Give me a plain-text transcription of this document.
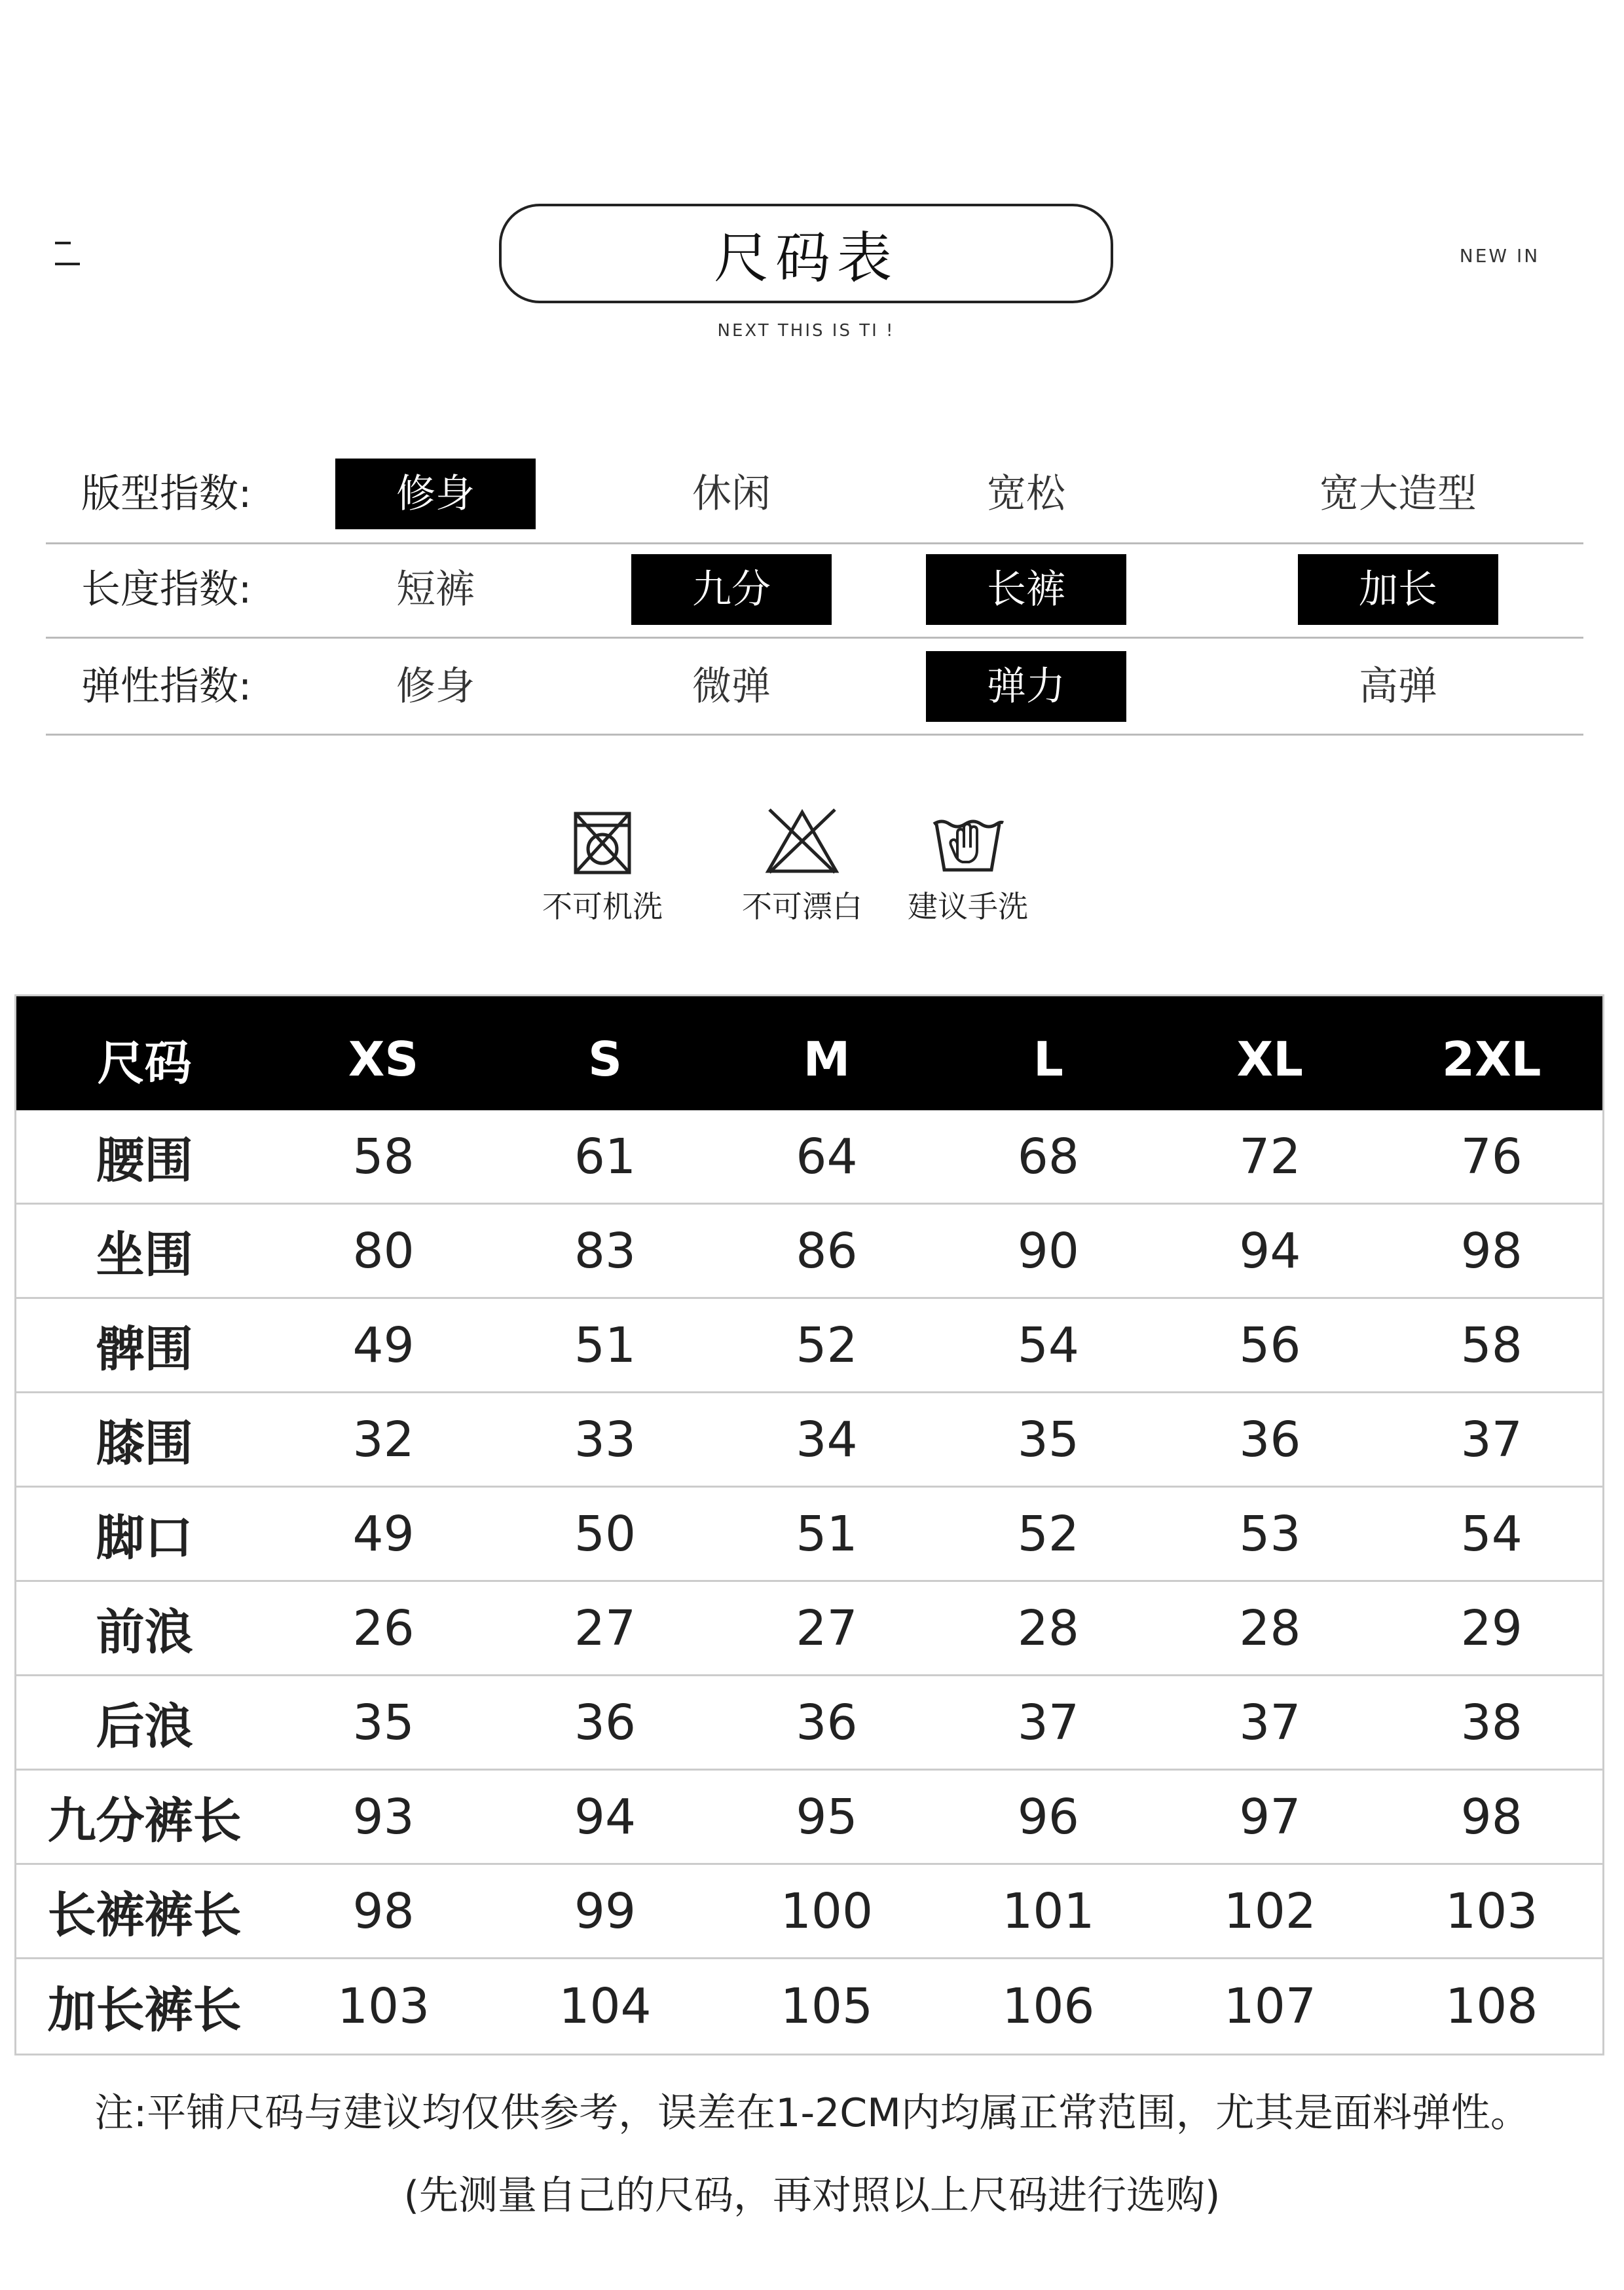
尺码表
NEXT THIS IS TI !
NEW IN
版型指数:	修身	休闲	宽松	宽大造型
长度指数:	短裤	九分	长裤	加长
弹性指数:	修身	微弹	弹力	高弹
不可机洗	不可漂白	建议手洗
尺码	XS	S	M	L	XL	2XL
腰围	58	61	64	68	72	76
坐围	80	83	86	90	94	98
髀围	49	51	52	54	56	58
膝围	32	33	34	35	36	37
脚口	49	50	51	52	53	54
前浪	26	27	27	28	28	29
后浪	35	36	36	37	37	38
九分裤长	93	94	95	96	97	98
长裤裤长	98	99	100	101	102	103
加长裤长	103	104	105	106	107	108
注:平铺尺码与建议均仅供参考，误差在1-2CM内均属正常范围，尤其是面料弹性。
(先测量自己的尺码，再对照以上尺码进行选购)
